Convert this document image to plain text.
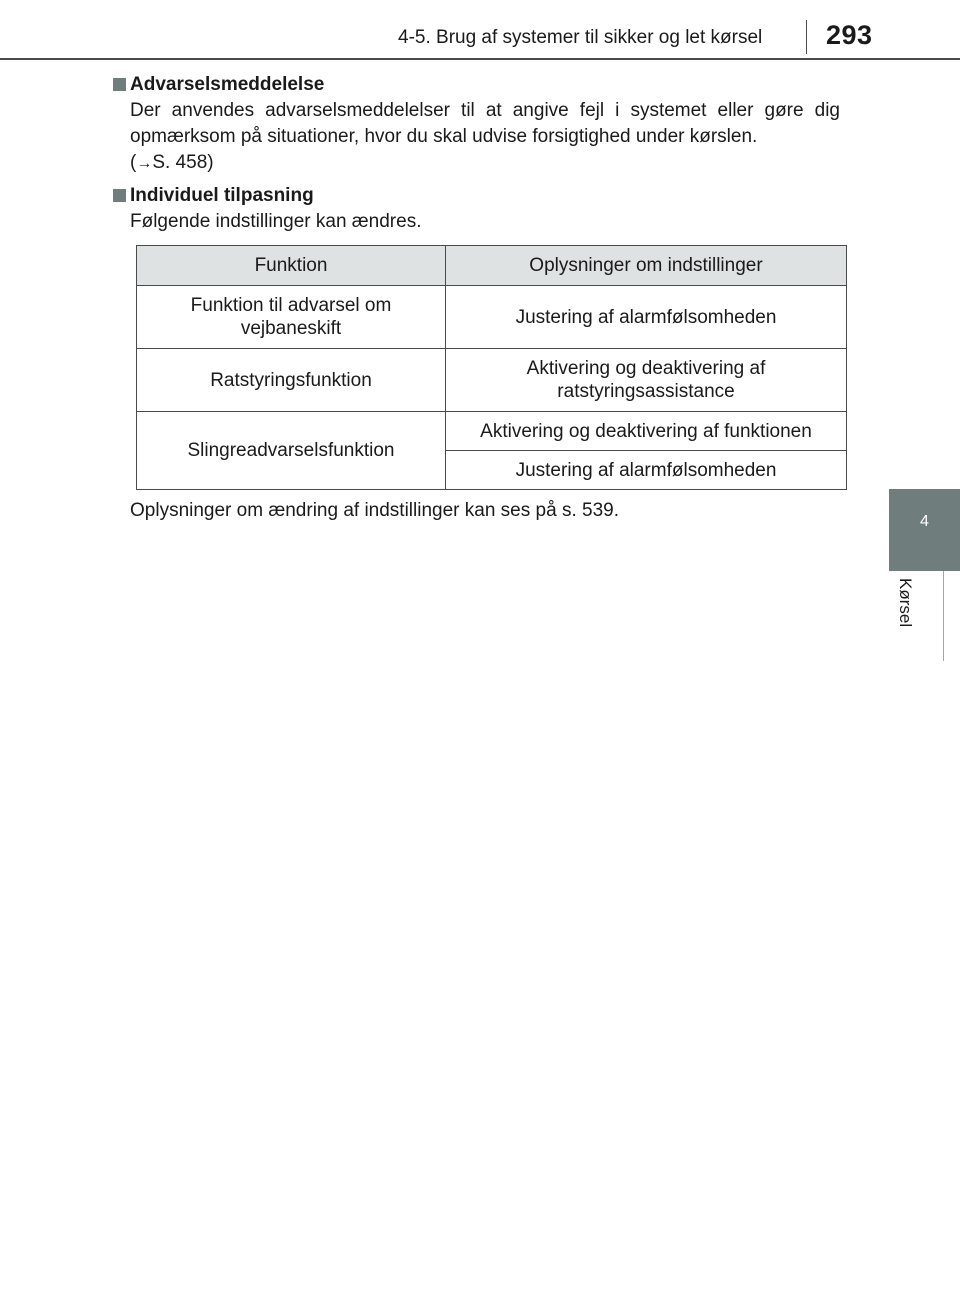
4-5. Brug af systemer til sikker og let kørsel 293
4
Kørsel
Advarselsmeddelelse
Der anvendes advarselsmeddelelser til at angive fejl i systemet eller gøre dig opmærksom på situationer, hvor du skal udvise forsigtighed under kørslen.
(→S. 458)
Individuel tilpasning
Følgende indstillinger kan ændres.
Funktion	Oplysninger om indstillinger
Funktion til advarsel om vejbaneskift	Justering af alarmfølsomheden
Ratstyringsfunktion	Aktivering og deaktivering af ratstyringsassistance
Slingreadvarselsfunktion	Aktivering og deaktivering af funktionen
	Justering af alarmfølsomheden
Oplysninger om ændring af indstillinger kan ses på s. 539.
